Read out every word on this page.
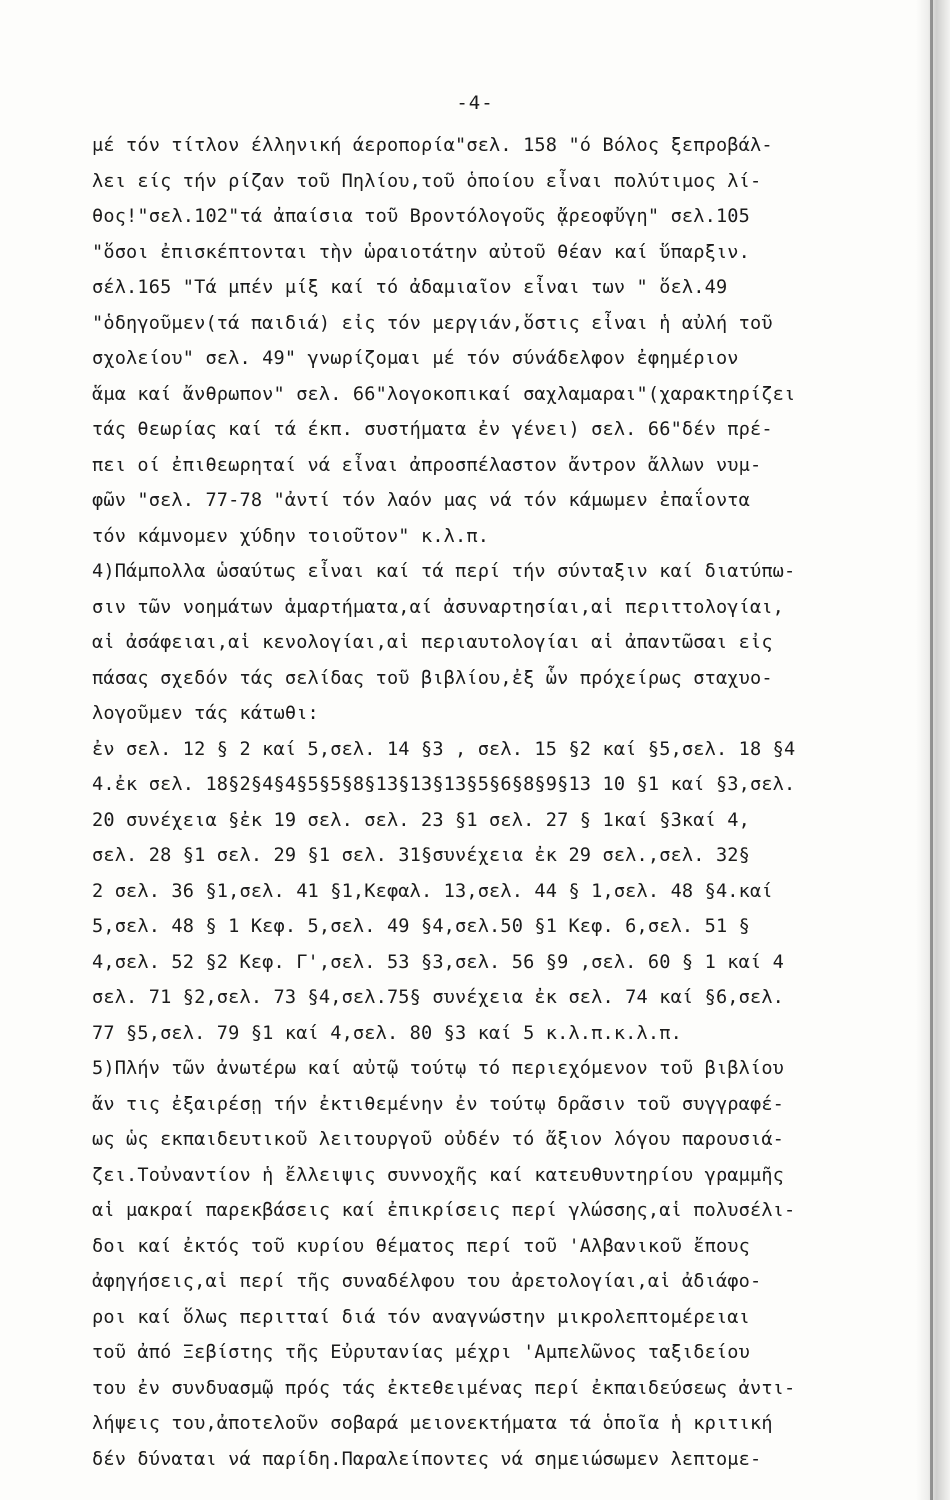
-4-
μέ τόν τίτλον έλληνική άεροπορία"σελ. 158 "ό Βόλος ξεπροβάλ-
λει είς τήν ρίζαν τοῦ Πηλίου,τοῦ ὁποίου εἶναι πολύτιμος λί-
θος!"σελ.102"τά ἀπαίσια τοῦ Βροντόλογοῦς ᾄρεοφὔγη" σελ.105
"ὅσοι ἐπισκέπτονται τὴν ὡραιοτάτην αὐτοῦ θέαν καί ὕπαρξιν.
σέλ.165 "Τά μπέν μίξ καί τό ἀδαμιαῖον εἶναι των " ὅελ.49
"ὁδηγοῦμεν(τά παιδιά) εἰς τόν μεργιάν,ὅστις εἶναι ἡ αὐλή τοῦ
σχολείου" σελ. 49" γνωρίζομαι μέ τόν σύνάδελφον ἐφημέριον
ἅμα καί ἄνθρωπον" σελ. 66"λογοκοπικαί σαχλαμαραι"(χαρακτηρίζει
τάς θεωρίας καί τά έκπ. συστήματα ἐν γένει) σελ. 66"δέν πρέ-
πει οί ἐπιθεωρηταί νά εἶναι ἀπροσπέλαστον ἄντρον ἄλλων νυμ-
φῶν "σελ. 77-78 "ἀντί τόν λαόν μας νά τόν κάμωμεν ἐπαΐοντα
τόν κάμνομεν χύδην τοιοῦτον" κ.λ.π.
4)Πάμπολλα ὡσαύτως εἶναι καί τά περί τήν σύνταξιν καί διατύπω-
σιν τῶν νοημάτων ἁμαρτήματα,αί ἀσυναρτησίαι,αἱ περιττολογίαι,
αἱ ἀσάφειαι,αἱ κενολογίαι,αἱ περιαυτολογίαι αἱ ἀπαντῶσαι εἰς
πάσας σχεδόν τάς σελίδας τοῦ βιβλίου,ἐξ ὧν πρόχείρως σταχυο-
λογοῦμεν τάς κάτωθι:
ἐν σελ. 12 § 2 καί 5,σελ. 14 §3 , σελ. 15 §2 καί §5,σελ. 18 §4
4.ἐκ σελ. 18§2§4§4§5§5§8§13§13§13§5§6§8§9§13 10 §1 καί §3,σελ.
20 συνέχεια §ἐκ 19 σελ. σελ. 23 §1 σελ. 27 § 1καί §3καί 4,
σελ. 28 §1 σελ. 29 §1 σελ. 31§συνέχεια ἐκ 29 σελ.,σελ. 32§
2 σελ. 36 §1,σελ. 41 §1,Κεφαλ. 13,σελ. 44 § 1,σελ. 48 §4.καί
5,σελ. 48 § 1 Κεφ. 5,σελ. 49 §4,σελ.50 §1 Κεφ. 6,σελ. 51 §
4,σελ. 52 §2 Κεφ. Γ',σελ. 53 §3,σελ. 56 §9 ,σελ. 60 § 1 καί 4
σελ. 71 §2,σελ. 73 §4,σελ.75§ συνέχεια ἐκ σελ. 74 καί §6,σελ.
77 §5,σελ. 79 §1 καί 4,σελ. 80 §3 καί 5 κ.λ.π.κ.λ.π.
5)Πλήν τῶν ἀνωτέρω καί αὐτῷ τούτῳ τό περιεχόμενον τοῦ βιβλίου
ἄν τις ἐξαιρέσῃ τήν ἐκτιθεμένην ἐν τούτῳ δρᾶσιν τοῦ συγγραφέ-
ως ὡς εκπαιδευτικοῦ λειτουργοῦ οὐδέν τό ἄξιον λόγου παρουσιά-
ζει.Τοὐναντίον ἡ ἔλλειψις συννοχῆς καί κατευθυντηρίου γραμμῆς
αἱ μακραί παρεκβάσεις καί ἐπικρίσεις περί γλώσσης,αἱ πολυσέλι-
δοι καί ἐκτός τοῦ κυρίου θέματος περί τοῦ 'Αλβανικοῦ ἔπους
ἀφηγήσεις,αἱ περί τῆς συναδέλφου του ἀρετολογίαι,αἱ ἀδιάφο-
ροι καί ὅλως περιτταί διά τόν αναγνώστην μικρολεπτομέρειαι
τοῦ ἀπό Ξεβίστης τῆς Εὐρυτανίας μέχρι 'Αμπελῶνος ταξιδείου
του ἐν συνδυασμῷ πρός τάς ἐκτεθειμένας περί ἐκπαιδεύσεως ἀντι-
λήψεις του,ἀποτελοῦν σοβαρά μειονεκτήματα τά ὁποῖα ἡ κριτική
δέν δύναται νά παρίδη.Παραλείποντες νά σημειώσωμεν λεπτομε-
